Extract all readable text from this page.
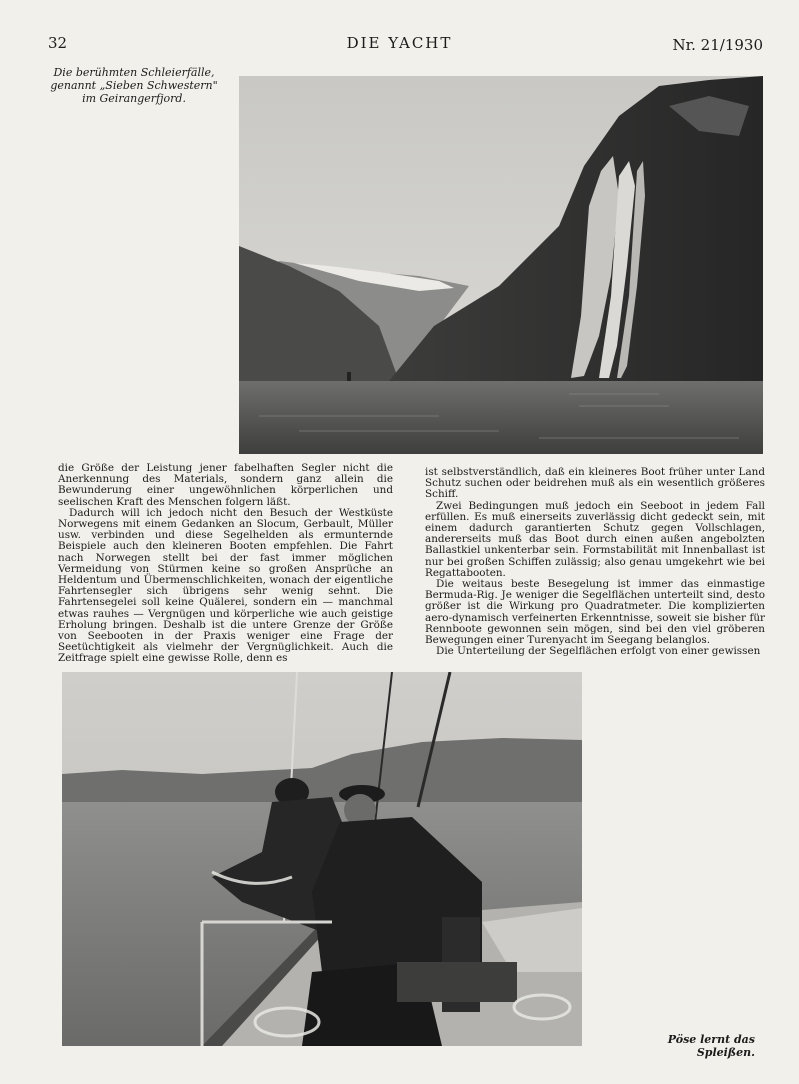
32	DIE YACHT	Nr. 21/1930
Die berühmten Schleierfälle, genannt „Sieben Schwestern" im Geirangerfjord.

die Größe der Leistung jener fabelhaften Segler nicht die Anerkennung des Materials, sondern ganz allein die Bewunderung einer ungewöhnlichen körperlichen und seelischen Kraft des Menschen folgern läßt.

Dadurch will ich jedoch nicht den Besuch der Westküste Norwegens mit einem Gedanken an Slocum, Gerbault, Müller usw. verbinden und diese Segelhelden als ermunternde Beispiele auch den kleineren Booten empfehlen. Die Fahrt nach Norwegen stellt bei der fast immer möglichen Vermeidung von Stürmen keine so großen Ansprüche an Heldentum und Übermenschlichkeiten, wonach der eigentliche Fahrtensegler sich übrigens sehr wenig sehnt. Die Fahrtensegelei soll keine Quälerei, sondern ein — manchmal etwas rauhes — Vergnügen und körperliche wie auch geistige Erholung bringen. Deshalb ist die untere Grenze der Größe von Seebooten in der Praxis weniger eine Frage der Seetüchtigkeit als vielmehr der Vergnüglichkeit. Auch die Zeitfrage spielt eine gewisse Rolle, denn es

ist selbstverständlich, daß ein kleineres Boot früher unter Land Schutz suchen oder beidrehen muß als ein wesentlich größeres Schiff.

Zwei Bedingungen muß jedoch ein Seeboot in jedem Fall erfüllen. Es muß einerseits zuverlässig dicht gedeckt sein, mit einem dadurch garantierten Schutz gegen Vollschlagen, andererseits muß das Boot durch einen außen angebolzten Ballastkiel unkenterbar sein. Formstabilität mit Innenballast ist nur bei großen Schiffen zulässig; also genau umgekehrt wie bei Regattabooten.

Die weitaus beste Besegelung ist immer das einmastige Bermuda-Rig. Je weniger die Segelflächen unterteilt sind, desto größer ist die Wirkung pro Quadratmeter. Die komplizierten aero-dynamisch verfeinerten Erkenntnisse, soweit sie bisher für Rennboote gewonnen sein mögen, sind bei den viel gröberen Bewegungen einer Turenyacht im Seegang belanglos.

Die Unterteilung der Segelflächen erfolgt von einer gewissen

Pöse lernt das Spleißen.
